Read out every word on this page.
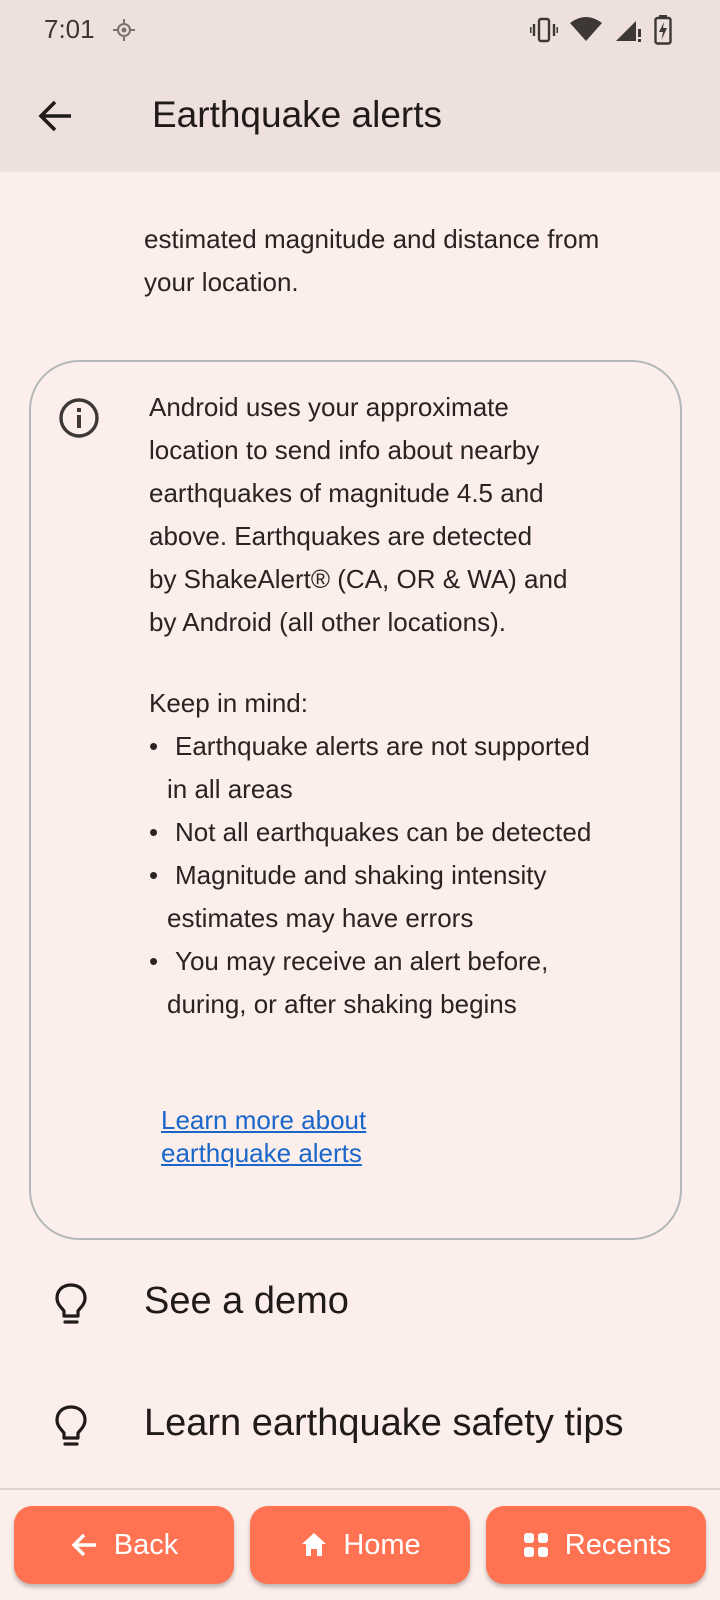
7:01
Earthquake alerts
estimated magnitude and distance from
your location.

Android uses your approximate
location to send info about nearby
earthquakes of magnitude 4.5 and
above. Earthquakes are detected
by ShakeAlert® (CA, OR & WA) and
by Android (all other locations).

Keep in mind:

• Earthquake alerts are not supported
in all areas
• Not all earthquakes can be detected
• Magnitude and shaking intensity
estimates may have errors
• You may receive an alert before,
during, or after shaking begins
Learn more about
earthquake alerts
See a demo
Learn earthquake safety tips
Back	Home	Recents
